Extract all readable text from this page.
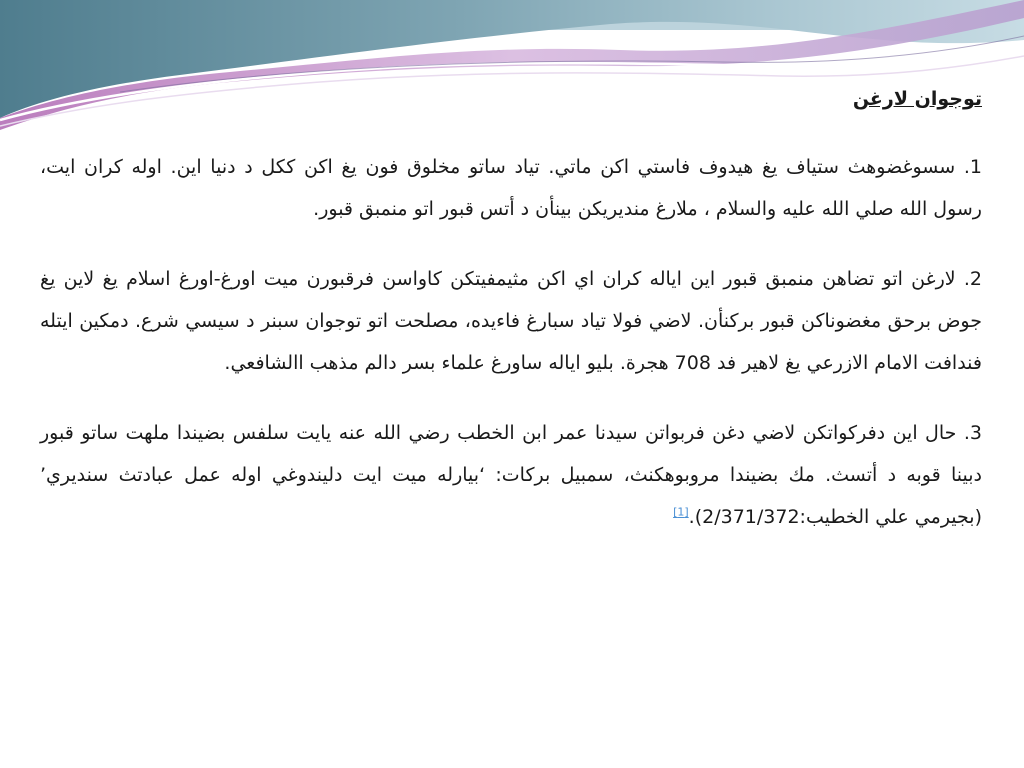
توجوان لارغن

1. سسوغضوهث ستياف يغ هيدوف فاستي اكن ماتي. تياد ساتو مخلوق فون يغ اكن ككل د دنيا اين. اوله كران ايت، رسول الله صلي الله عليه والسلام ، ملارغ منديريكن بينأن د أتس قبور اتو منمبق قبور.

2. لارغن اتو تضاهن منمبق قبور اين اياله كران اي اكن مثيمفيتكن كاواسن فرقبورن ميت اورغ-اورغ اسلام يغ لاين يغ جوض برحق مغضوناكن قبور بركنأن. لاضي فولا تياد سبارغ فاءيده، مصلحت اتو توجوان سبنر د سيسي شرع. دمكين ايتله فندافت الامام الازرعي يغ لاهير فد 708 هجرة. بليو اياله ساورغ علماء بسر دالم مذهب االشافعي.

3. حال اين دفركواتكن لاضي دغن فربواتن سيدنا عمر ابن الخطب رضي الله عنه يايت سلفس بضيندا ملهت ساتو قبور دبينا قوبه د أتسث. مك بضيندا مروبوهكنث، سمبيل بركات: ‘بيارله ميت ايت دليندوغي اوله عمل عبادتث سنديري’ (بجيرمي علي الخطيب:2/371/372).[1]
